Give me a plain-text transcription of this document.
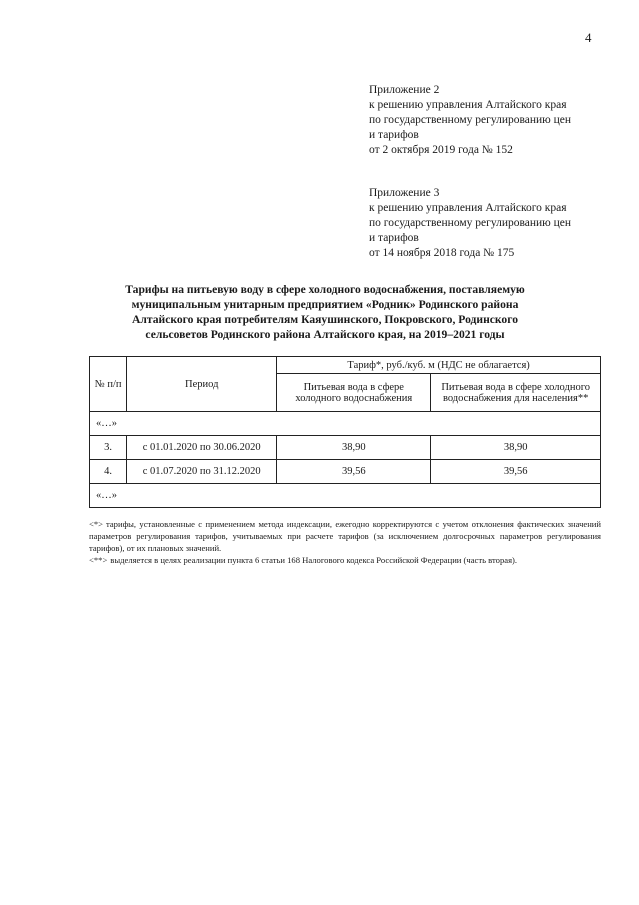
4
Приложение 2
к решению управления Алтайского края
по государственному регулированию цен
и тарифов
от 2 октября 2019 года № 152
Приложение 3
к решению управления Алтайского края
по государственному регулированию цен
и тарифов
от 14 ноября 2018 года № 175
Тарифы на питьевую воду в сфере холодного водоснабжения, поставляемую
муниципальным унитарным предприятием «Родник» Родинского района
Алтайского края потребителям Каяушинского, Покровского, Родинского
сельсоветов Родинского района Алтайского края, на 2019–2021 годы
№ п/п	Период	Тариф*, руб./куб. м (НДС не облагается)	
		Питьевая вода в сфере холодного водоснабжения	Питьевая вода в сфере холодного водоснабжения для населения**
«…»			
3.	с 01.01.2020 по 30.06.2020	38,90	38,90
4.	с 01.07.2020 по 31.12.2020	39,56	39,56
«…»			

<*> тарифы, установленные с применением метода индексации, ежегодно корректируются с учетом отклонения фактических значений параметров регулирования тарифов, учитываемых при расчете тарифов (за исключением долгосрочных параметров регулирования тарифов), от их плановых значений.

<**> выделяется в целях реализации пункта 6 статьи 168 Налогового кодекса Российской Федерации (часть вторая).
